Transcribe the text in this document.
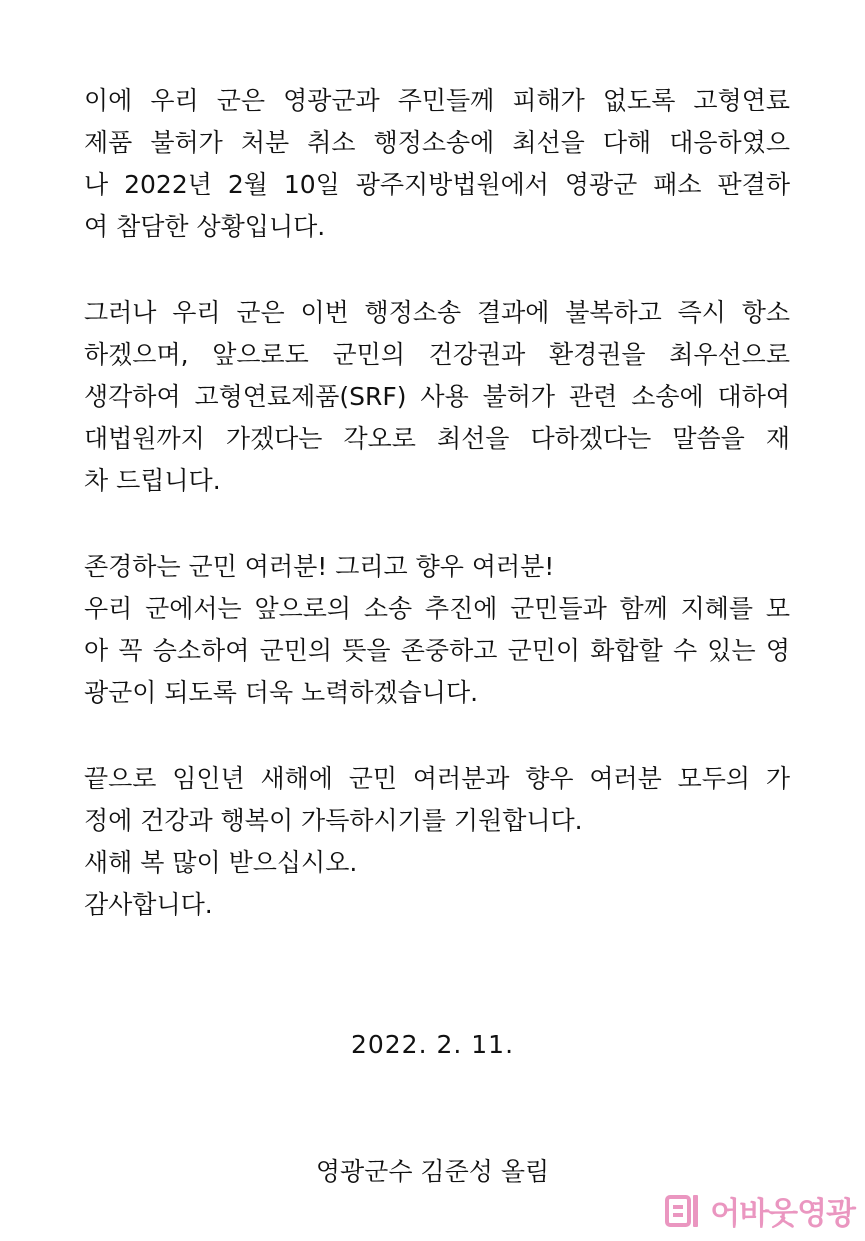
이에 우리 군은 영광군과 주민들께 피해가 없도록 고형연료
제품 불허가 처분 취소 행정소송에 최선을 다해 대응하였으
나 2022년 2월 10일 광주지방법원에서 영광군 패소 판결하
여 참담한 상황입니다.
그러나 우리 군은 이번 행정소송 결과에 불복하고 즉시 항소
하겠으며, 앞으로도 군민의 건강권과 환경권을 최우선으로
생각하여 고형연료제품(SRF) 사용 불허가 관련 소송에 대하여
대법원까지 가겠다는 각오로 최선을 다하겠다는 말씀을 재
차 드립니다.
존경하는 군민 여러분! 그리고 향우 여러분!
우리 군에서는 앞으로의 소송 추진에 군민들과 함께 지혜를 모
아 꼭 승소하여 군민의 뜻을 존중하고 군민이 화합할 수 있는 영
광군이 되도록 더욱 노력하겠습니다.
끝으로 임인년 새해에 군민 여러분과 향우 여러분 모두의 가
정에 건강과 행복이 가득하시기를 기원합니다.
새해 복 많이 받으십시오.
감사합니다.
2022. 2. 11.
영광군수 김준성 올림
어바웃영광
